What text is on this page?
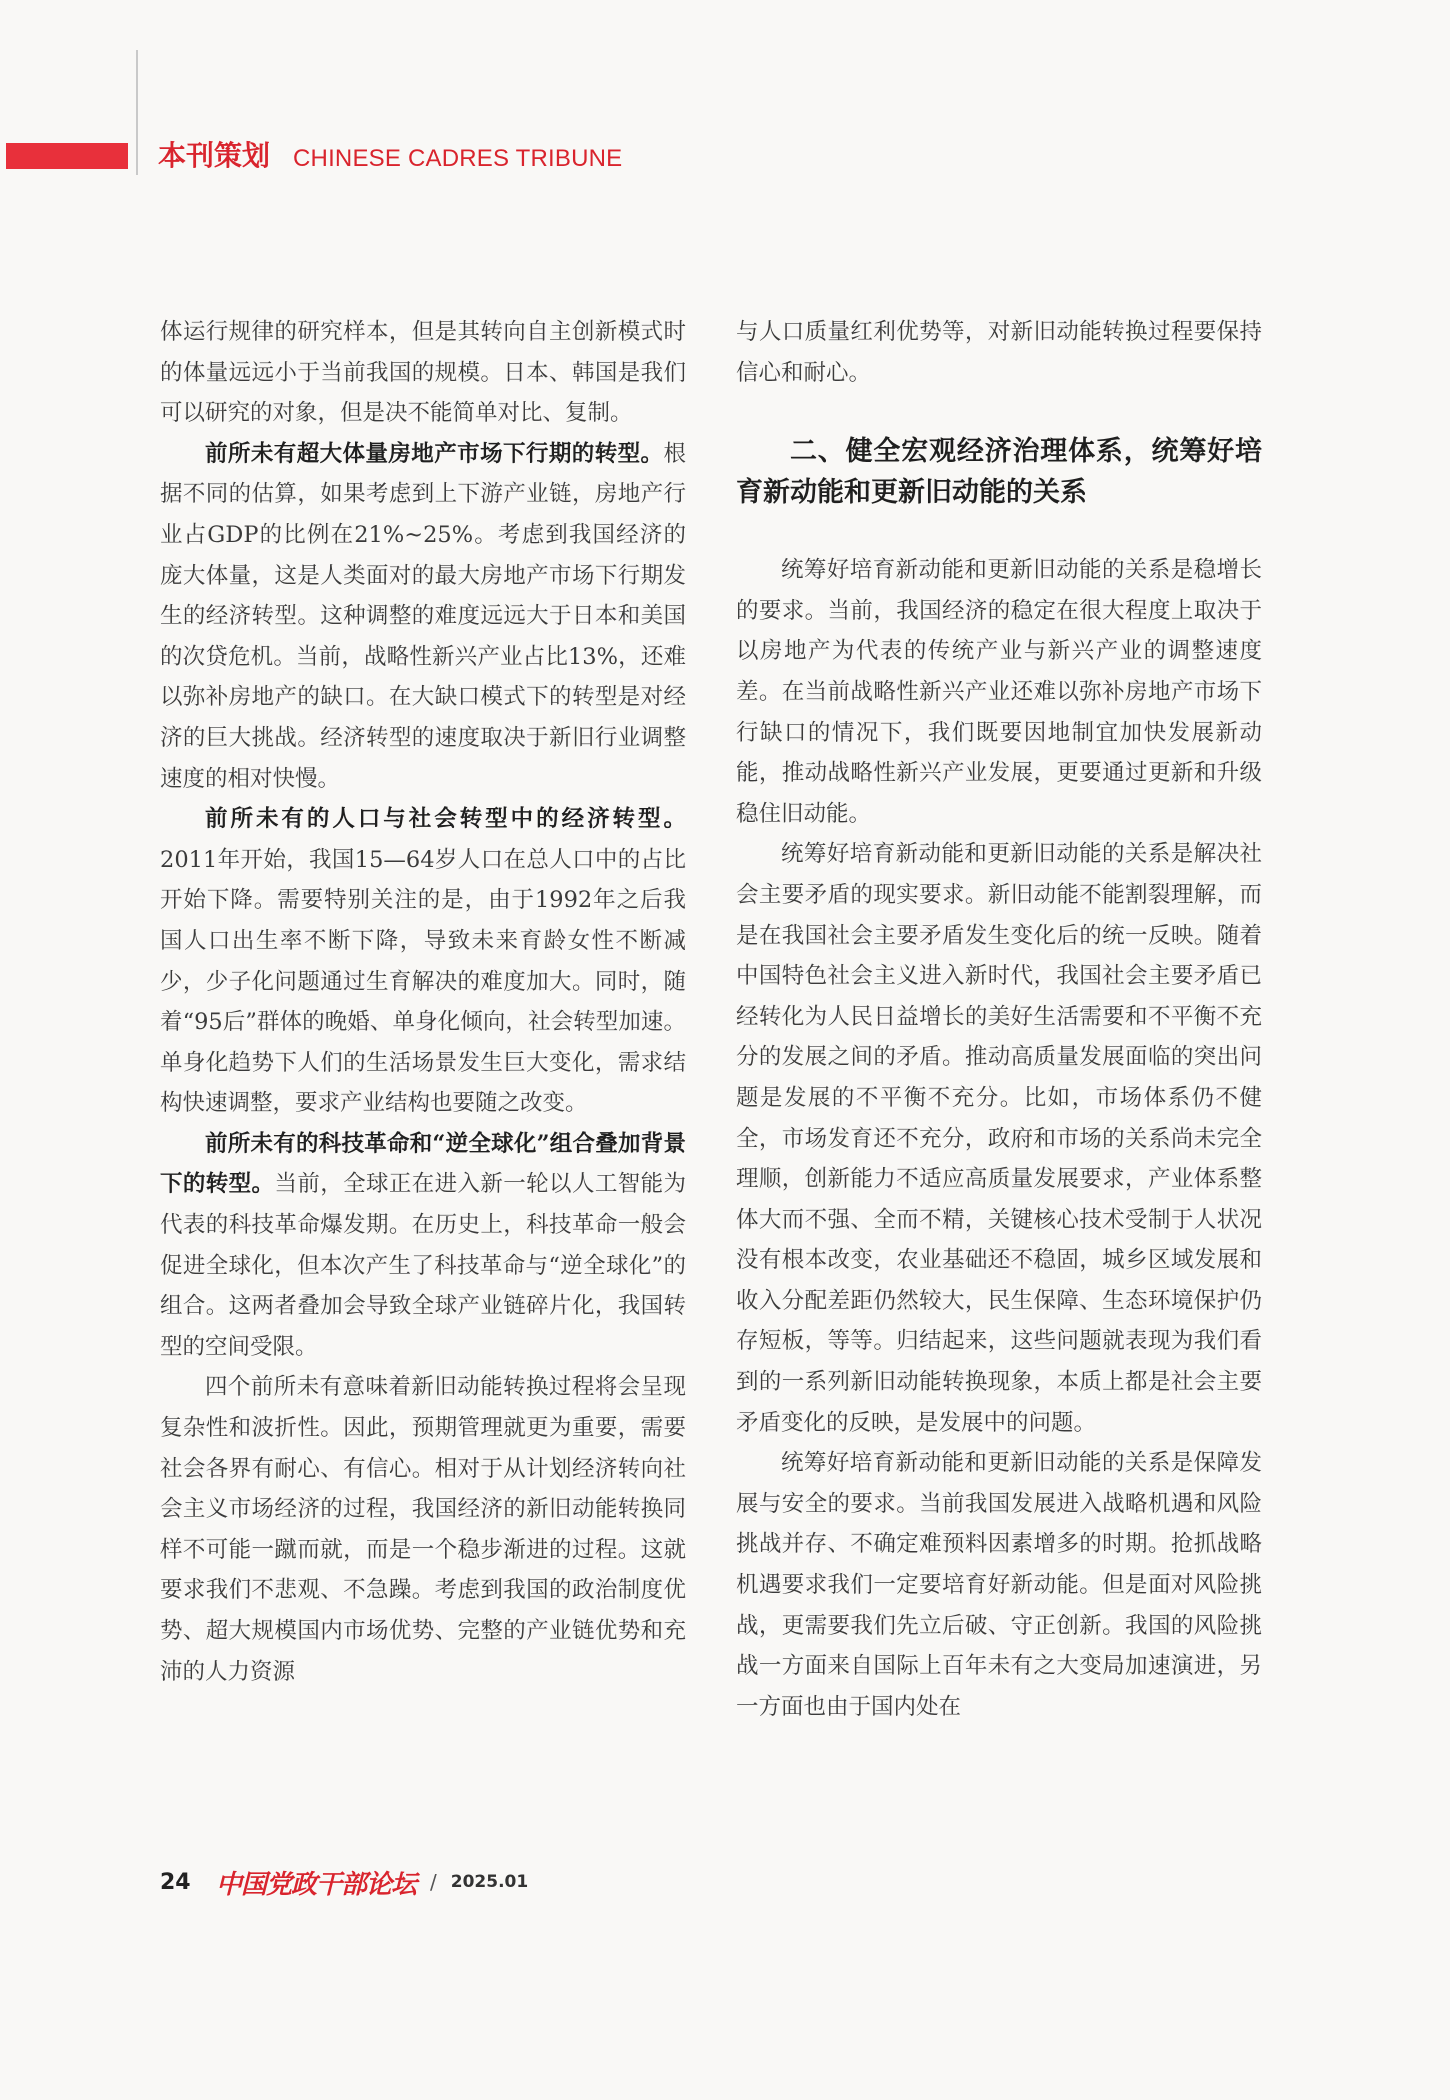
本刊策划 CHINESE CADRES TRIBUNE

体运行规律的研究样本，但是其转向自主创新模式时的体量远远小于当前我国的规模。日本、韩国是我们可以研究的对象，但是决不能简单对比、复制。

前所未有超大体量房地产市场下行期的转型。根据不同的估算，如果考虑到上下游产业链，房地产行业占GDP的比例在21%~25%。考虑到我国经济的庞大体量，这是人类面对的最大房地产市场下行期发生的经济转型。这种调整的难度远远大于日本和美国的次贷危机。当前，战略性新兴产业占比13%，还难以弥补房地产的缺口。在大缺口模式下的转型是对经济的巨大挑战。经济转型的速度取决于新旧行业调整速度的相对快慢。

前所未有的人口与社会转型中的经济转型。2011年开始，我国15—64岁人口在总人口中的占比开始下降。需要特别关注的是，由于1992年之后我国人口出生率不断下降，导致未来育龄女性不断减少，少子化问题通过生育解决的难度加大。同时，随着“95后”群体的晚婚、单身化倾向，社会转型加速。单身化趋势下人们的生活场景发生巨大变化，需求结构快速调整，要求产业结构也要随之改变。

前所未有的科技革命和“逆全球化”组合叠加背景下的转型。当前，全球正在进入新一轮以人工智能为代表的科技革命爆发期。在历史上，科技革命一般会促进全球化，但本次产生了科技革命与“逆全球化”的组合。这两者叠加会导致全球产业链碎片化，我国转型的空间受限。

四个前所未有意味着新旧动能转换过程将会呈现复杂性和波折性。因此，预期管理就更为重要，需要社会各界有耐心、有信心。相对于从计划经济转向社会主义市场经济的过程，我国经济的新旧动能转换同样不可能一蹴而就，而是一个稳步渐进的过程。这就要求我们不悲观、不急躁。考虑到我国的政治制度优势、超大规模国内市场优势、完整的产业链优势和充沛的人力资源

与人口质量红利优势等，对新旧动能转换过程要保持信心和耐心。

二、健全宏观经济治理体系，统筹好培育新动能和更新旧动能的关系

统筹好培育新动能和更新旧动能的关系是稳增长的要求。当前，我国经济的稳定在很大程度上取决于以房地产为代表的传统产业与新兴产业的调整速度差。在当前战略性新兴产业还难以弥补房地产市场下行缺口的情况下，我们既要因地制宜加快发展新动能，推动战略性新兴产业发展，更要通过更新和升级稳住旧动能。

统筹好培育新动能和更新旧动能的关系是解决社会主要矛盾的现实要求。新旧动能不能割裂理解，而是在我国社会主要矛盾发生变化后的统一反映。随着中国特色社会主义进入新时代，我国社会主要矛盾已经转化为人民日益增长的美好生活需要和不平衡不充分的发展之间的矛盾。推动高质量发展面临的突出问题是发展的不平衡不充分。比如，市场体系仍不健全，市场发育还不充分，政府和市场的关系尚未完全理顺，创新能力不适应高质量发展要求，产业体系整体大而不强、全而不精，关键核心技术受制于人状况没有根本改变，农业基础还不稳固，城乡区域发展和收入分配差距仍然较大，民生保障、生态环境保护仍存短板，等等。归结起来，这些问题就表现为我们看到的一系列新旧动能转换现象，本质上都是社会主要矛盾变化的反映，是发展中的问题。

统筹好培育新动能和更新旧动能的关系是保障发展与安全的要求。当前我国发展进入战略机遇和风险挑战并存、不确定难预料因素增多的时期。抢抓战略机遇要求我们一定要培育好新动能。但是面对风险挑战，更需要我们先立后破、守正创新。我国的风险挑战一方面来自国际上百年未有之大变局加速演进，另一方面也由于国内处在

24 中国党政干部论坛 / 2025.01
